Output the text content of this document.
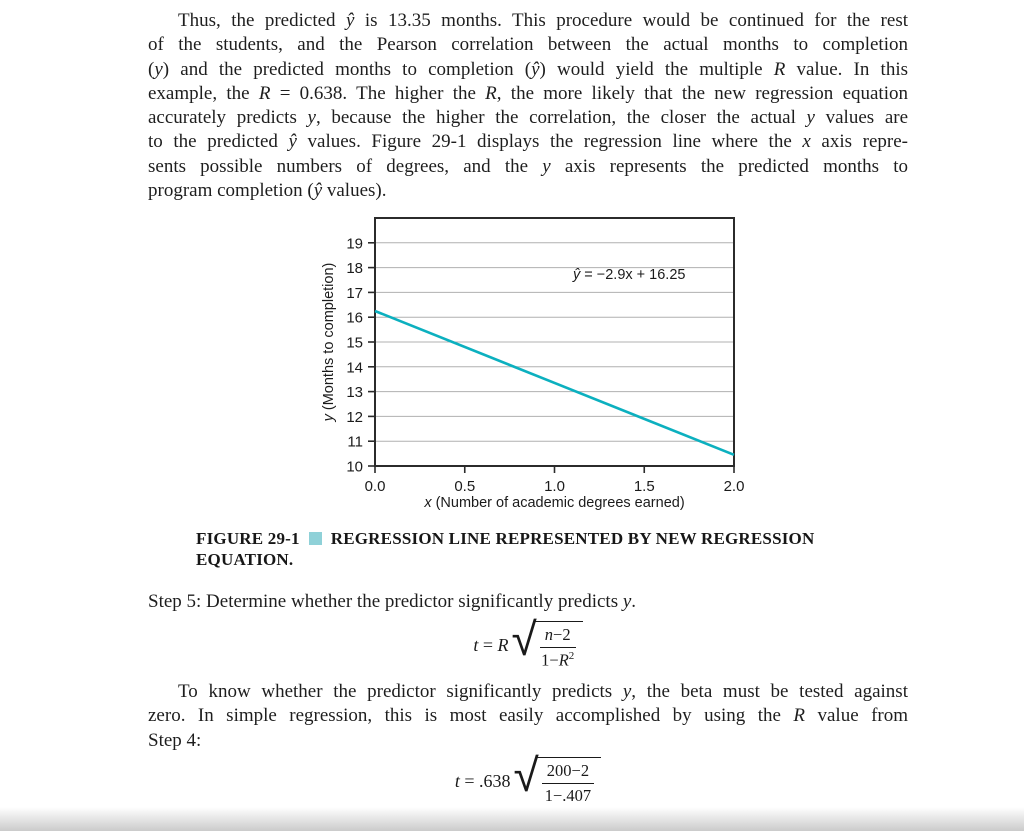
Thus, the predicted ŷ is 13.35 months. This procedure would be continued for the rest
of the students, and the Pearson correlation between the actual months to completion
(y) and the predicted months to completion (ŷ) would yield the multiple R value. In this
example, the R = 0.638. The higher the R, the more likely that the new regression equation
accurately predicts y, because the higher the correlation, the closer the actual y values are
to the predicted ŷ values. Figure 29-1 displays the regression line where the x axis repre-
sents possible numbers of degrees, and the y axis represents the predicted months to
program completion (ŷ values).
19
18
17
16
15
14
13
12
11
10
0.0	0.5	1.0	1.5	2.0
y (Months to completion)
x (Number of academic degrees earned)
ŷ = −2.9x + 16.25
FIGURE 29-1 REGRESSION LINE REPRESENTED BY NEW REGRESSION
EQUATION.
Step 5: Determine whether the predictor significantly predicts y.
t = R √ n−2
$1-R^2$
To know whether the predictor significantly predicts y, the beta must be tested against
zero. In simple regression, this is most easily accomplished by using the R value from
Step 4:
t = .638 √ 200−2
1−.407
